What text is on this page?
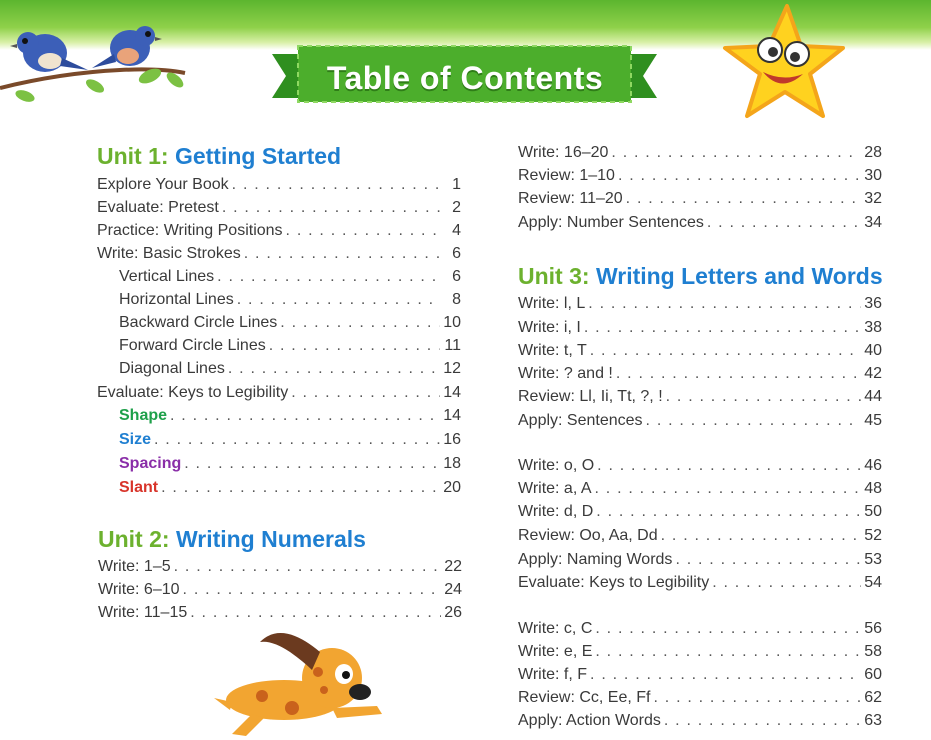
Table of Contents
Unit 1: Getting Started
Explore Your Book . . .	1
Evaluate: Pretest . . .	2
Practice: Writing Positions . . .	4
Write: Basic Strokes . . .	6
Vertical Lines . . .	6
Horizontal Lines . . .	8
Backward Circle Lines . . .	10
Forward Circle Lines . . .	11
Diagonal Lines . . .	12
Evaluate: Keys to Legibility . . .	14
Shape . . .	14
Size . . .	16
Spacing . . .	18
Slant . . .	20
Unit 2: Writing Numerals
Write: 1–5 . . .	22
Write: 6–10 . . .	24
Write: 11–15 . . .	26
Write: 16–20 . . .	28
Review: 1–10 . . .	30
Review: 11–20 . . .	32
Apply: Number Sentences . . .	34
Unit 3: Writing Letters and Words
Write: l, L . . .	36
Write: i, I . . .	38
Write: t, T . . .	40
Write: ? and ! . . .	42
Review: Ll, Ii, Tt, ?, ! . . .	44
Apply: Sentences . . .	45
Write: o, O . . .	46
Write: a, A . . .	48
Write: d, D . . .	50
Review: Oo, Aa, Dd . . .	52
Apply: Naming Words . . .	53
Evaluate: Keys to Legibility . . .	54
Write: c, C . . .	56
Write: e, E . . .	58
Write: f, F . . .	60
Review: Cc, Ee, Ff . . .	62
Apply: Action Words . . .	63
